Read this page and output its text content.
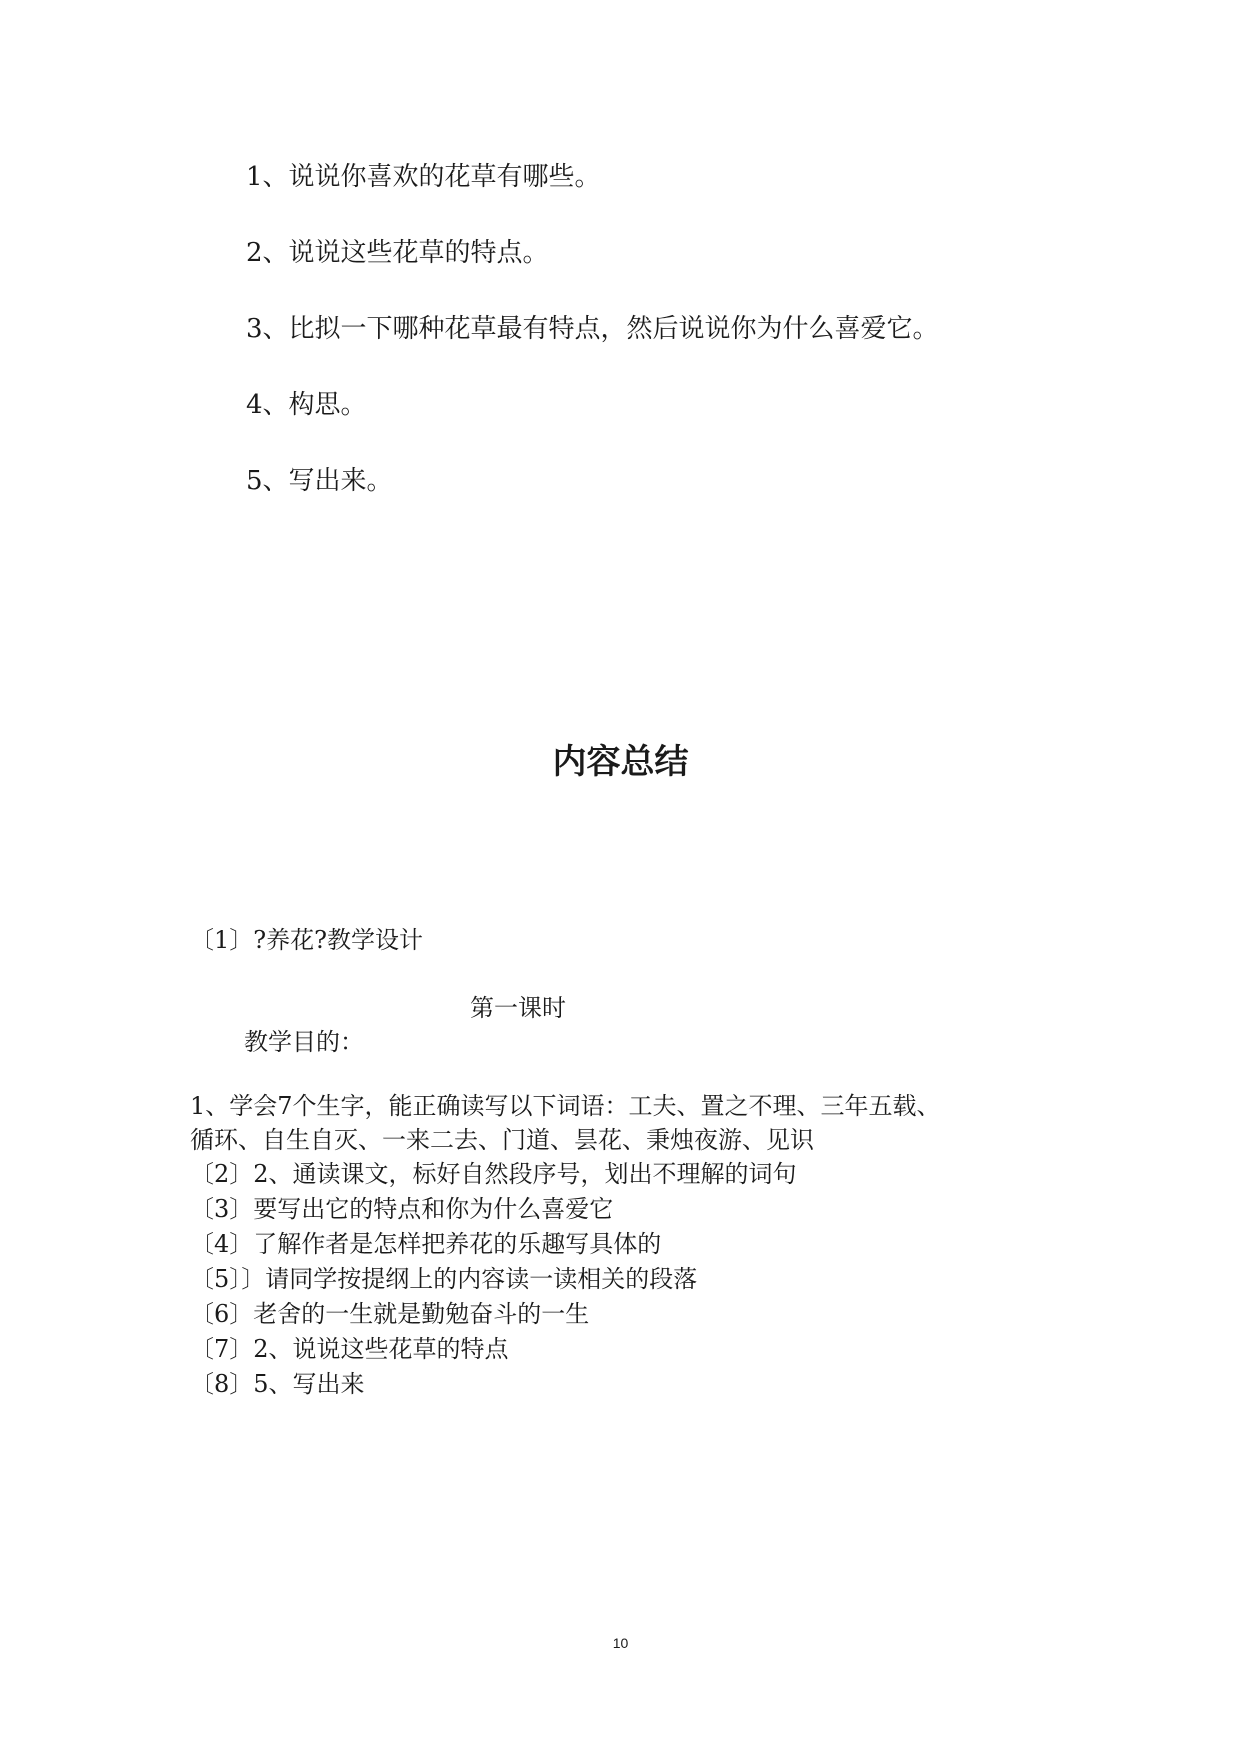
1、说说你喜欢的花草有哪些。
2、说说这些花草的特点。
3、比拟一下哪种花草最有特点，然后说说你为什么喜爱它。
4、构思。
5、写出来。
内容总结
〔1〕?养花?教学设计
第一课时
教学目的：
1、学会7个生字，能正确读写以下词语：工夫、置之不理、三年五载、
循环、自生自灭、一来二去、门道、昙花、秉烛夜游、见识
〔2〕2、通读课文，标好自然段序号，划出不理解的词句
〔3〕要写出它的特点和你为什么喜爱它
〔4〕了解作者是怎样把养花的乐趣写具体的
〔5〕〕请同学按提纲上的内容读一读相关的段落
〔6〕老舍的一生就是勤勉奋斗的一生
〔7〕2、说说这些花草的特点
〔8〕5、写出来
10
